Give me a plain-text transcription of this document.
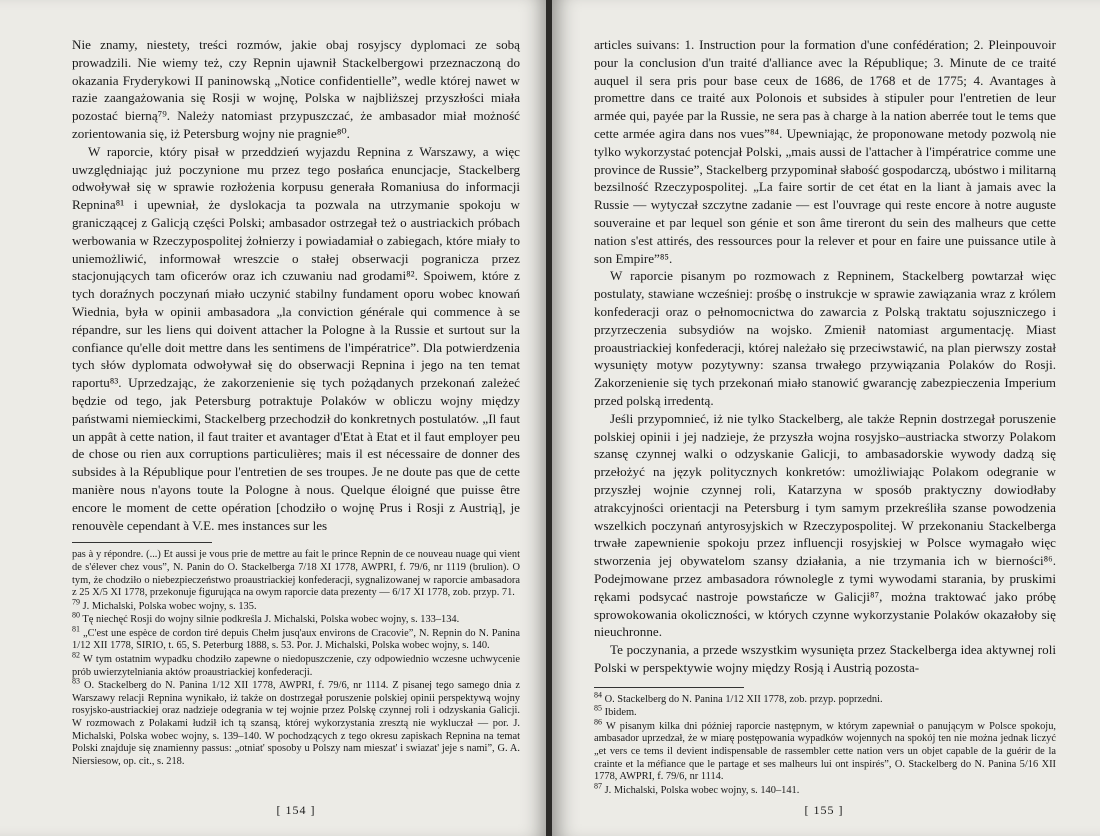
Nie znamy, niestety, treści rozmów, jakie obaj rosyjscy dyplomaci ze sobą prowadzili. Nie wiemy też, czy Repnin ujawnił Stackelbergowi przeznaczoną do okazania Fryderykowi II paninowską „Notice confidentielle”, wedle której nawet w razie zaangażowania się Rosji w wojnę, Polska w najbliższej przyszłości miała pozostać bierną⁷⁹. Należy natomiast przypuszczać, że ambasador miał możność zorientowania się, iż Petersburg wojny nie pragnie⁸⁰.

W raporcie, który pisał w przeddzień wyjazdu Repnina z Warszawy, a więc uwzględniając już poczynione mu przez tego posłańca enuncjacje, Stackelberg odwoływał się w sprawie rozłożenia korpusu generała Romaniusa do informacji Repnina⁸¹ i upewniał, że dyslokacja ta pozwala na utrzymanie spokoju w granicząącej z Galicją części Polski; ambasador ostrzegał też o austriackich próbach werbowania w Rzeczypospolitej żołnierzy i powiadamiał o zabiegach, które miały to uniemożliwić, informował wreszcie o stałej obserwacji pogranicza przez stacjonujących tam oficerów oraz ich czuwaniu nad grodami⁸². Spoiwem, które z tych doraźnych poczynań miało uczynić stabilny fundament oporu wobec knowań Wiednia, była w opinii ambasadora „la conviction générale qui commence à se répandre, sur les liens qui doivent attacher la Pologne à la Russie et surtout sur la confiance qu'elle doit mettre dans les sentimens de l'impératrice”. Dla potwierdzenia tych słów dyplomata odwoływał się do obserwacji Repnina i jego na ten temat raportu⁸³. Uprzedzając, że zakorzenienie się tych pożądanych przekonań zależeć będzie od tego, jak Petersburg potraktuje Polaków w obliczu wojny między państwami niemieckimi, Stackelberg przechodził do konkretnych postulatów. „Il faut un appât à cette nation, il faut traiter et avantager d'Etat à Etat et il faut employer peu de chose ou rien aux corruptions particulières; mais il est nécessaire de donner des subsides à la République pour l'entretien de ses troupes. Je ne doute pas que de cette manière nous n'ayons toute la Pologne à nous. Quelque éloigné que puisse être encore le moment de cette opération [chodziło o wojnę Prus i Rosji z Austrią], je renouvèle cependant à V.E. mes instances sur les

pas à y répondre. (...) Et aussi je vous prie de mettre au fait le prince Repnin de ce nouveau nuage qui vient de s'élever chez vous”, N. Panin do O. Stackelberga 7/18 XI 1778, AWPRI, f. 79/6, nr 1119 (brulion). O tym, że chodziło o niebezpieczeństwo proaustriackiej konfederacji, sygnalizowanej w raporcie ambasadora z 25 X/5 XI 1778, przekonuje figurująca na owym raporcie data prezenty — 6/17 XI 1778, zob. przyp. 71.

$^{79}$ J. Michalski, Polska wobec wojny, s. 135.

$^{80}$ Tę niechęć Rosji do wojny silnie podkreśla J. Michalski, Polska wobec wojny, s. 133–134.

$^{81}$ „C'est une espèce de cordon tiré depuis Chełm jusq'aux environs de Cracovie”, N. Repnin do N. Panina 1/12 XII 1778, SIRIO, t. 65, S. Peterburg 1888, s. 53. Por. J. Michalski, Polska wobec wojny, s. 140.

$^{82}$ W tym ostatnim wypadku chodziło zapewne o niedopuszczenie, czy odpowiednio wczesne uchwycenie prób uwierzytelniania aktów proaustriackiej konfederacji.

$^{83}$ O. Stackelberg do N. Panina 1/12 XII 1778, AWPRI, f. 79/6, nr 1114. Z pisanej tego samego dnia z Warszawy relacji Repnina wynikało, iż także on dostrzegał poruszenie polskiej opinii perspektywą wojny rosyjsko-austriackiej oraz nadzieje odegrania w tej wojnie przez Polskę czynnej roli i odzyskania Galicji. W rozmowach z Polakami łudził ich tą szansą, której wykorzystania zresztą nie wykluczał — por. J. Michalski, Polska wobec wojny, s. 139–140. W pochodzących z tego okresu zapiskach Repnina na temat Polski znajduje się znamienny passus: „otniat' sposoby u Polszy nam mieszat' i swiazat' jeje s nami”, G. A. Niersiesow, op. cit., s. 218.

[ 154 ]

articles suivans: 1. Instruction pour la formation d'une confédération; 2. Pleinpouvoir pour la conclusion d'un traité d'alliance avec la République; 3. Minute de ce traité auquel il sera pris pour base ceux de 1686, de 1768 et de 1775; 4. Avantages à promettre dans ce traité aux Polonois et subsides à stipuler pour l'entretien de leur armée qui, payée par la Russie, ne sera pas à charge à la nation aberrée tout le tems que cette armée agira dans nos vues”⁸⁴. Upewniając, że proponowane metody pozwolą nie tylko wykorzystać potencjał Polski, „mais aussi de l'attacher à l'impératrice comme une province de Russie”, Stackelberg przypominał słabość gospodarczą, ubóstwo i militarną bezsilność Rzeczypospolitej. „La faire sortir de cet état en la liant à jamais avec la Russie — wytyczał szczytne zadanie — est l'ouvrage qui reste encore à notre auguste souveraine et par lequel son génie et son âme tireront du sein des malheurs que cette nation s'est attirés, des ressources pour la relever et pour en faire une puissance utile à son Empire”⁸⁵.

W raporcie pisanym po rozmowach z Repninem, Stackelberg powtarzał więc postulaty, stawiane wcześniej: prośbę o instrukcje w sprawie zawiązania wraz z królem konfederacji oraz o pełnomocnictwa do zawarcia z Polską traktatu sojuszniczego i przyrzeczenia subsydiów na wojsko. Zmienił natomiast argumentację. Miast proaustriackiej konfederacji, której należało się przeciwstawić, na plan pierwszy został wysunięty motyw pozytywny: szansa trwałego przywiązania Polaków do Rosji. Zakorzenienie się tych przekonań miało stanowić gwarancję zabezpieczenia Imperium przed polską irredentą.

Jeśli przypomnieć, iż nie tylko Stackelberg, ale także Repnin dostrzegał poruszenie polskiej opinii i jej nadzieje, że przyszła wojna rosyjsko–austriacka stworzy Polakom szansę czynnej walki o odzyskanie Galicji, to ambasadorskie wywody dadzą się przełożyć na język politycznych konkretów: umożliwiając Polakom odegranie w przyszłej wojnie czynnej roli, Katarzyna w sposób praktyczny dowiodłaby atrakcyjności orientacji na Petersburg i tym samym przekreśliła szanse powodzenia wszelkich poczynań antyrosyjskich w Rzeczypospolitej. W przekonaniu Stackelberga trwałe zapewnienie spokoju przez influencji rosyjskiej w Polsce wymagało więc stworzenia jej obywatelom szansy działania, a nie trzymania ich w bierności⁸⁶. Podejmowane przez ambasadora równolegle z tymi wywodami starania, by pruskimi rękami podsycać nastroje powstańcze w Galicji⁸⁷, można traktować jako próbę sprowokowania okoliczności, w których czynne wykorzystanie Polaków okazałoby się nieuchronne.

Te poczynania, a przede wszystkim wysunięta przez Stackelberga idea aktywnej roli Polski w perspektywie wojny między Rosją i Austrią pozosta-

$^{84}$ O. Stackelberg do N. Panina 1/12 XII 1778, zob. przyp. poprzedni.

$^{85}$ Ibidem.

$^{86}$ W pisanym kilka dni później raporcie następnym, w którym zapewniał o panującym w Polsce spokoju, ambasador uprzedzał, że w miarę postępowania wypadków wojennych na spokój ten nie można jednak liczyć „et vers ce tems il devient indispensable de rassembler cette nation vers un objet capable de la guérir de la crainte et la méfiance que le partage et ses malheurs lui ont inspirés”, O. Stackelberg do N. Panina 5/16 XII 1778, AWPRI, f. 79/6, nr 1114.

$^{87}$ J. Michalski, Polska wobec wojny, s. 140–141.

[ 155 ]
